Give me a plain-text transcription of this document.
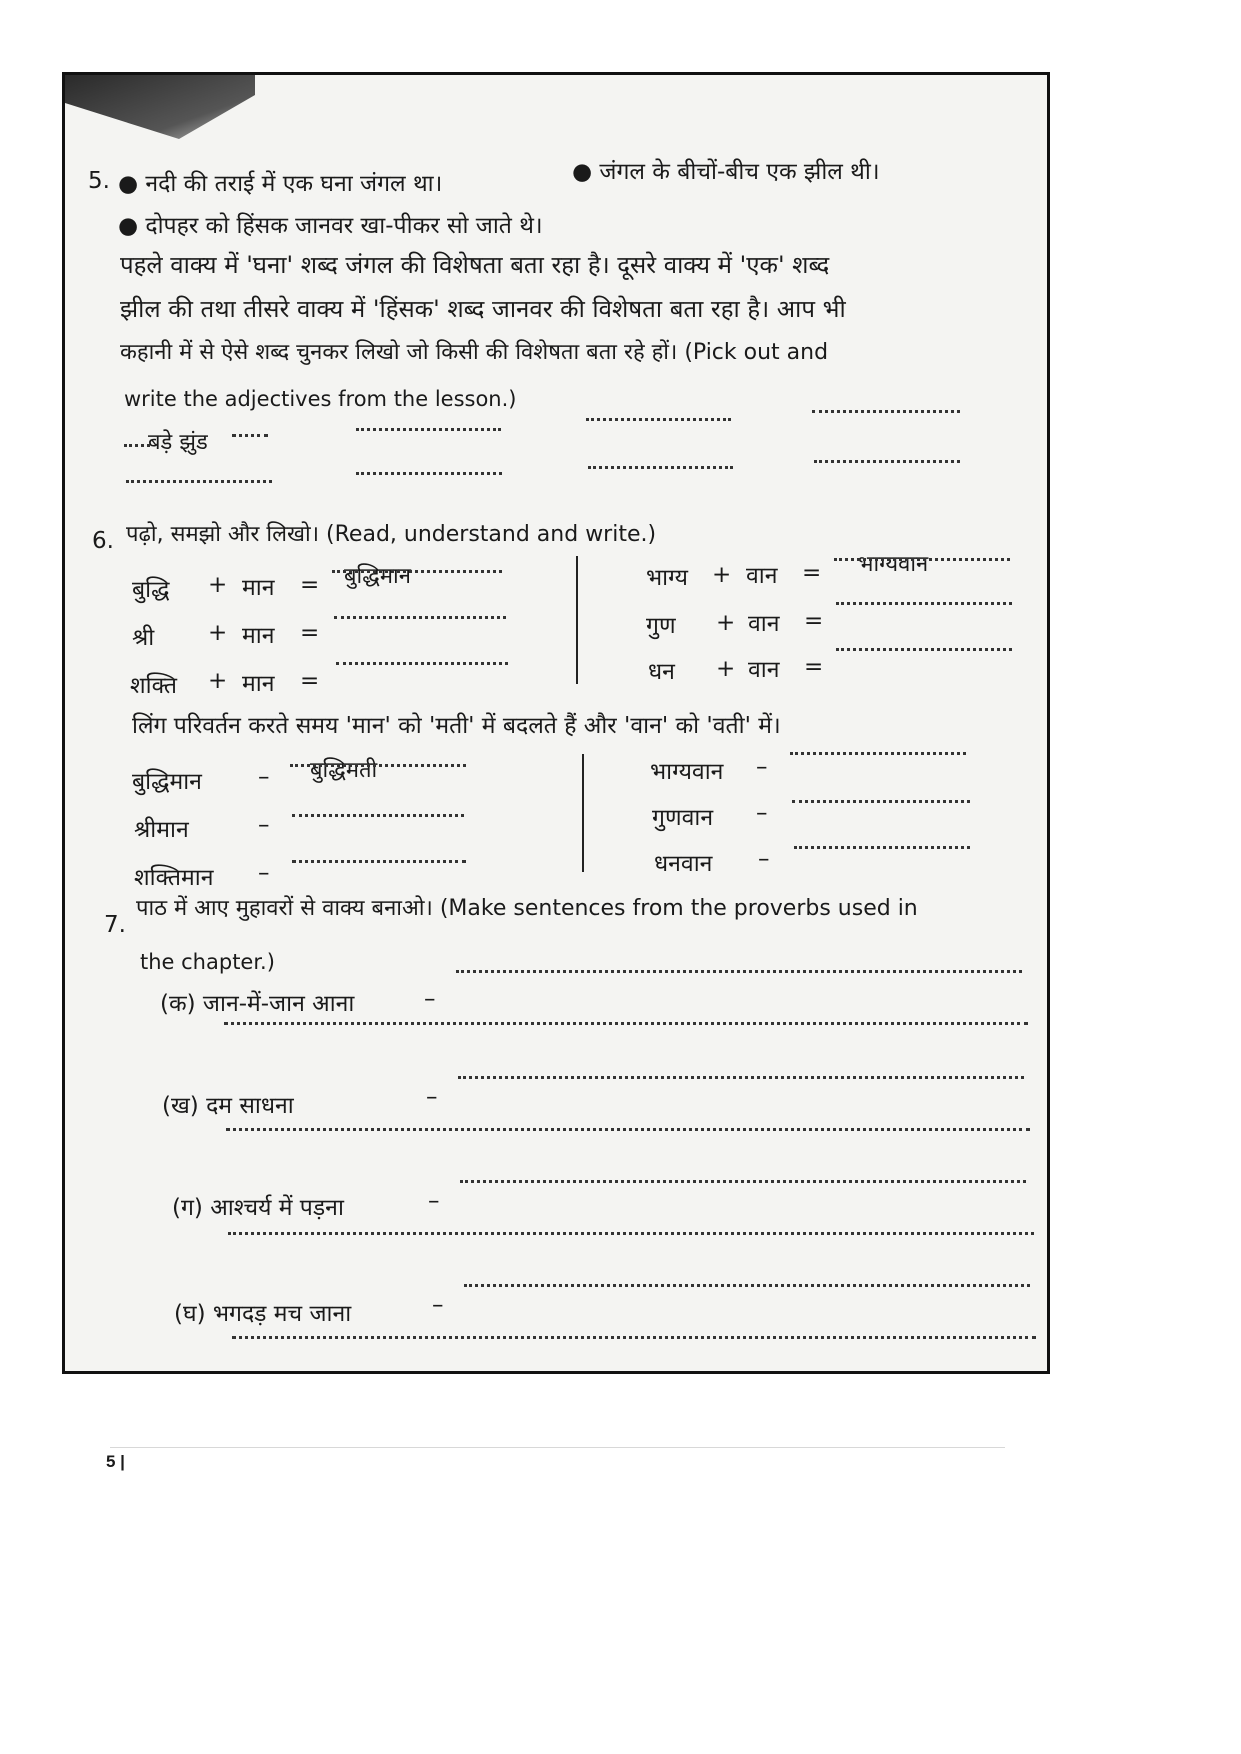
5. ● नदी की तराई में एक घना जंगल था।	● जंगल के बीचों-बीच एक झील थी।
● दोपहर को हिंसक जानवर खा-पीकर सो जाते थे।
पहले वाक्य में 'घना' शब्द जंगल की विशेषता बता रहा है। दूसरे वाक्य में 'एक' शब्द
झील की तथा तीसरे वाक्य में 'हिंसक' शब्द जानवर की विशेषता बता रहा है। आप भी
कहानी में से ऐसे शब्द चुनकर लिखो जो किसी की विशेषता बता रहे हों। (Pick out and
write the adjectives from the lesson.)
बड़े झुंड
6. पढ़ो, समझो और लिखो। (Read, understand and write.)
बुद्धि + मान = बुद्धिमान
श्री + मान =
शक्ति + मान =
भाग्य + वान = भाग्यवान
गुण + वान =
धन + वान =
लिंग परिवर्तन करते समय 'मान' को 'मती' में बदलते हैं और 'वान' को 'वती' में।
बुद्धिमान – बुद्धिमती
श्रीमान	–
शक्तिमान –
भाग्यवान –
गुणवान –
धनवान –
7.
पाठ में आए मुहावरों से वाक्य बनाओ। (Make sentences from the proverbs used in
the chapter.)
(क) जान-में-जान आना	–
(ख) दम साधना	–
(ग) आश्चर्य में पड़ना	–
(घ) भगदड़ मच जाना	–
5 |
